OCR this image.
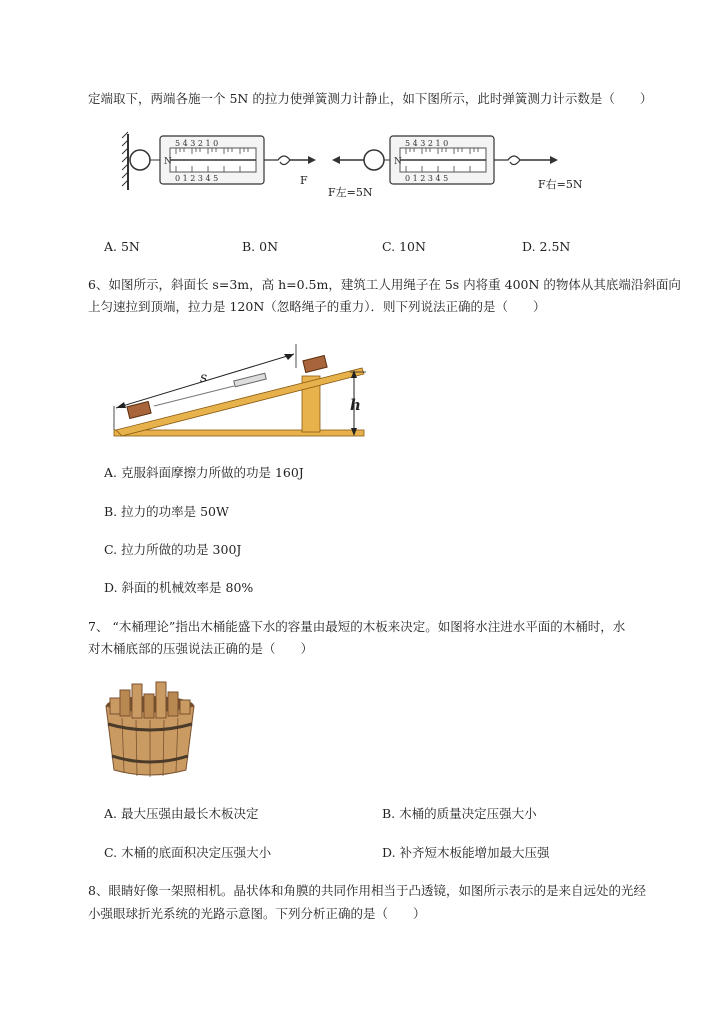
定端取下，两端各施一个 5N 的拉力使弹簧测力计静止，如下图所示，此时弹簧测力计示数是（　　）
N
5 4 3 2 1 0
0 1 2 3 4 5	F
N
5 4 3 2 1 0
0 1 2 3 4 5
F左=5N
F右=5N
A. 5N	B. 0N	C. 10N	D. 2.5N
6、如图所示，斜面长 s=3m，高 h=0.5m，建筑工人用绳子在 5s 内将重 400N 的物体从其底端沿斜面向
上匀速拉到顶端，拉力是 120N（忽略绳子的重力）．则下列说法正确的是（　　）
s
h
A. 克服斜面摩擦力所做的功是 160J
B. 拉力的功率是 50W
C. 拉力所做的功是 300J
D. 斜面的机械效率是 80%
7、 “木桶理论”指出木桶能盛下水的容量由最短的木板来决定。如图将水注进水平面的木桶时，水
对木桶底部的压强说法正确的是（　　）
A. 最大压强由最长木板决定	B. 木桶的质量决定压强大小
C. 木桶的底面积决定压强大小	D. 补齐短木板能增加最大压强
8、眼睛好像一架照相机。晶状体和角膜的共同作用相当于凸透镜，如图所示表示的是来自远处的光经
小强眼球折光系统的光路示意图。下列分析正确的是（　　）
